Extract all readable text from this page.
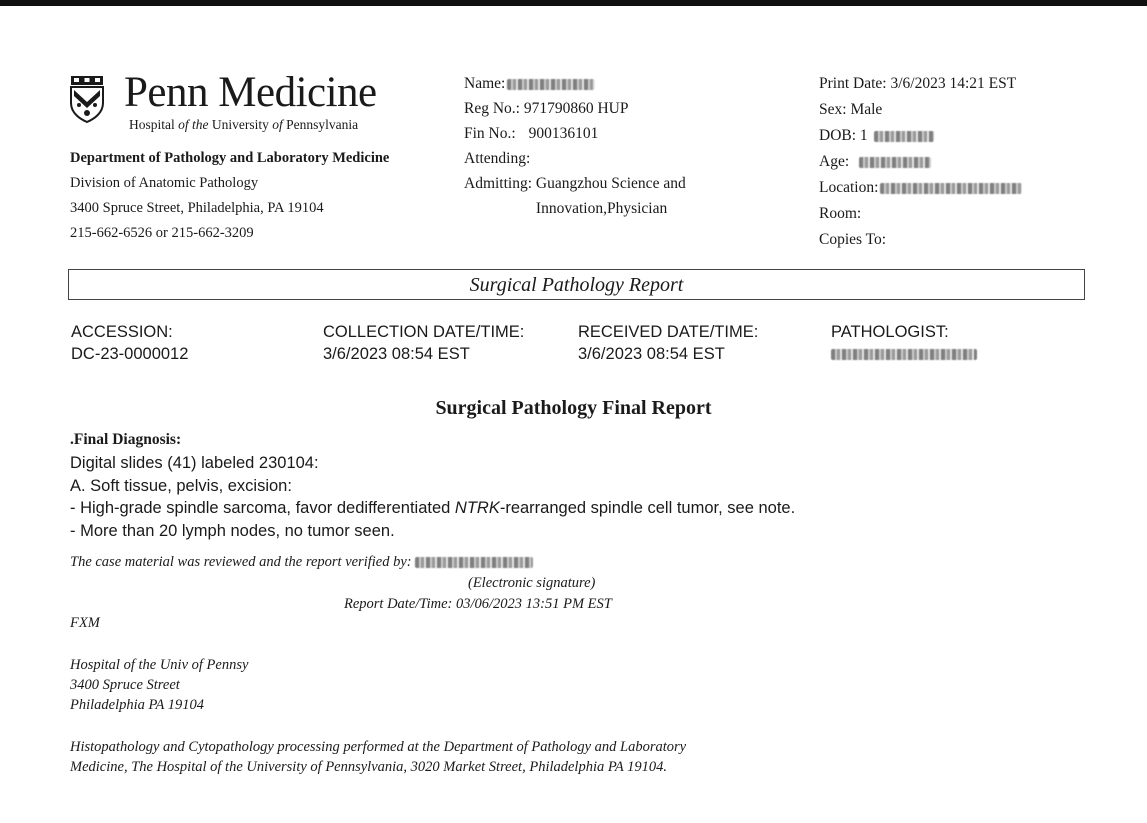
Penn Medicine
Hospital of the University of Pennsylvania
Department of Pathology and Laboratory Medicine
Division of Anatomic Pathology
3400 Spruce Street, Philadelphia, PA 19104
215-662-6526 or 215-662-3209
Name:
Reg No.: 971790860 HUP
Fin No.: 900136101
Attending:
Admitting:
Guangzhou Science and Innovation,Physician
Print Date: 3/6/2023 14:21 EST
Sex: Male
DOB: 1
Age:
Location:
Room:
Copies To:
Surgical Pathology Report
ACCESSION:
DC-23-0000012
COLLECTION DATE/TIME:
3/6/2023 08:54 EST
RECEIVED DATE/TIME:
3/6/2023 08:54 EST
PATHOLOGIST:
Surgical Pathology Final Report
.Final Diagnosis:
Digital slides (41) labeled 230104:
A. Soft tissue, pelvis, excision:
- High-grade spindle sarcoma, favor dedifferentiated NTRK-rearranged spindle cell tumor, see note.
- More than 20 lymph nodes, no tumor seen.
The case material was reviewed and the report verified by:
(Electronic signature)
Report Date/Time: 03/06/2023 13:51 PM EST
FXM
Hospital of the Univ of Pennsy
3400 Spruce Street
Philadelphia PA 19104
Histopathology and Cytopathology processing performed at the Department of Pathology and Laboratory
Medicine, The Hospital of the University of Pennsylvania, 3020 Market Street, Philadelphia PA 19104.
